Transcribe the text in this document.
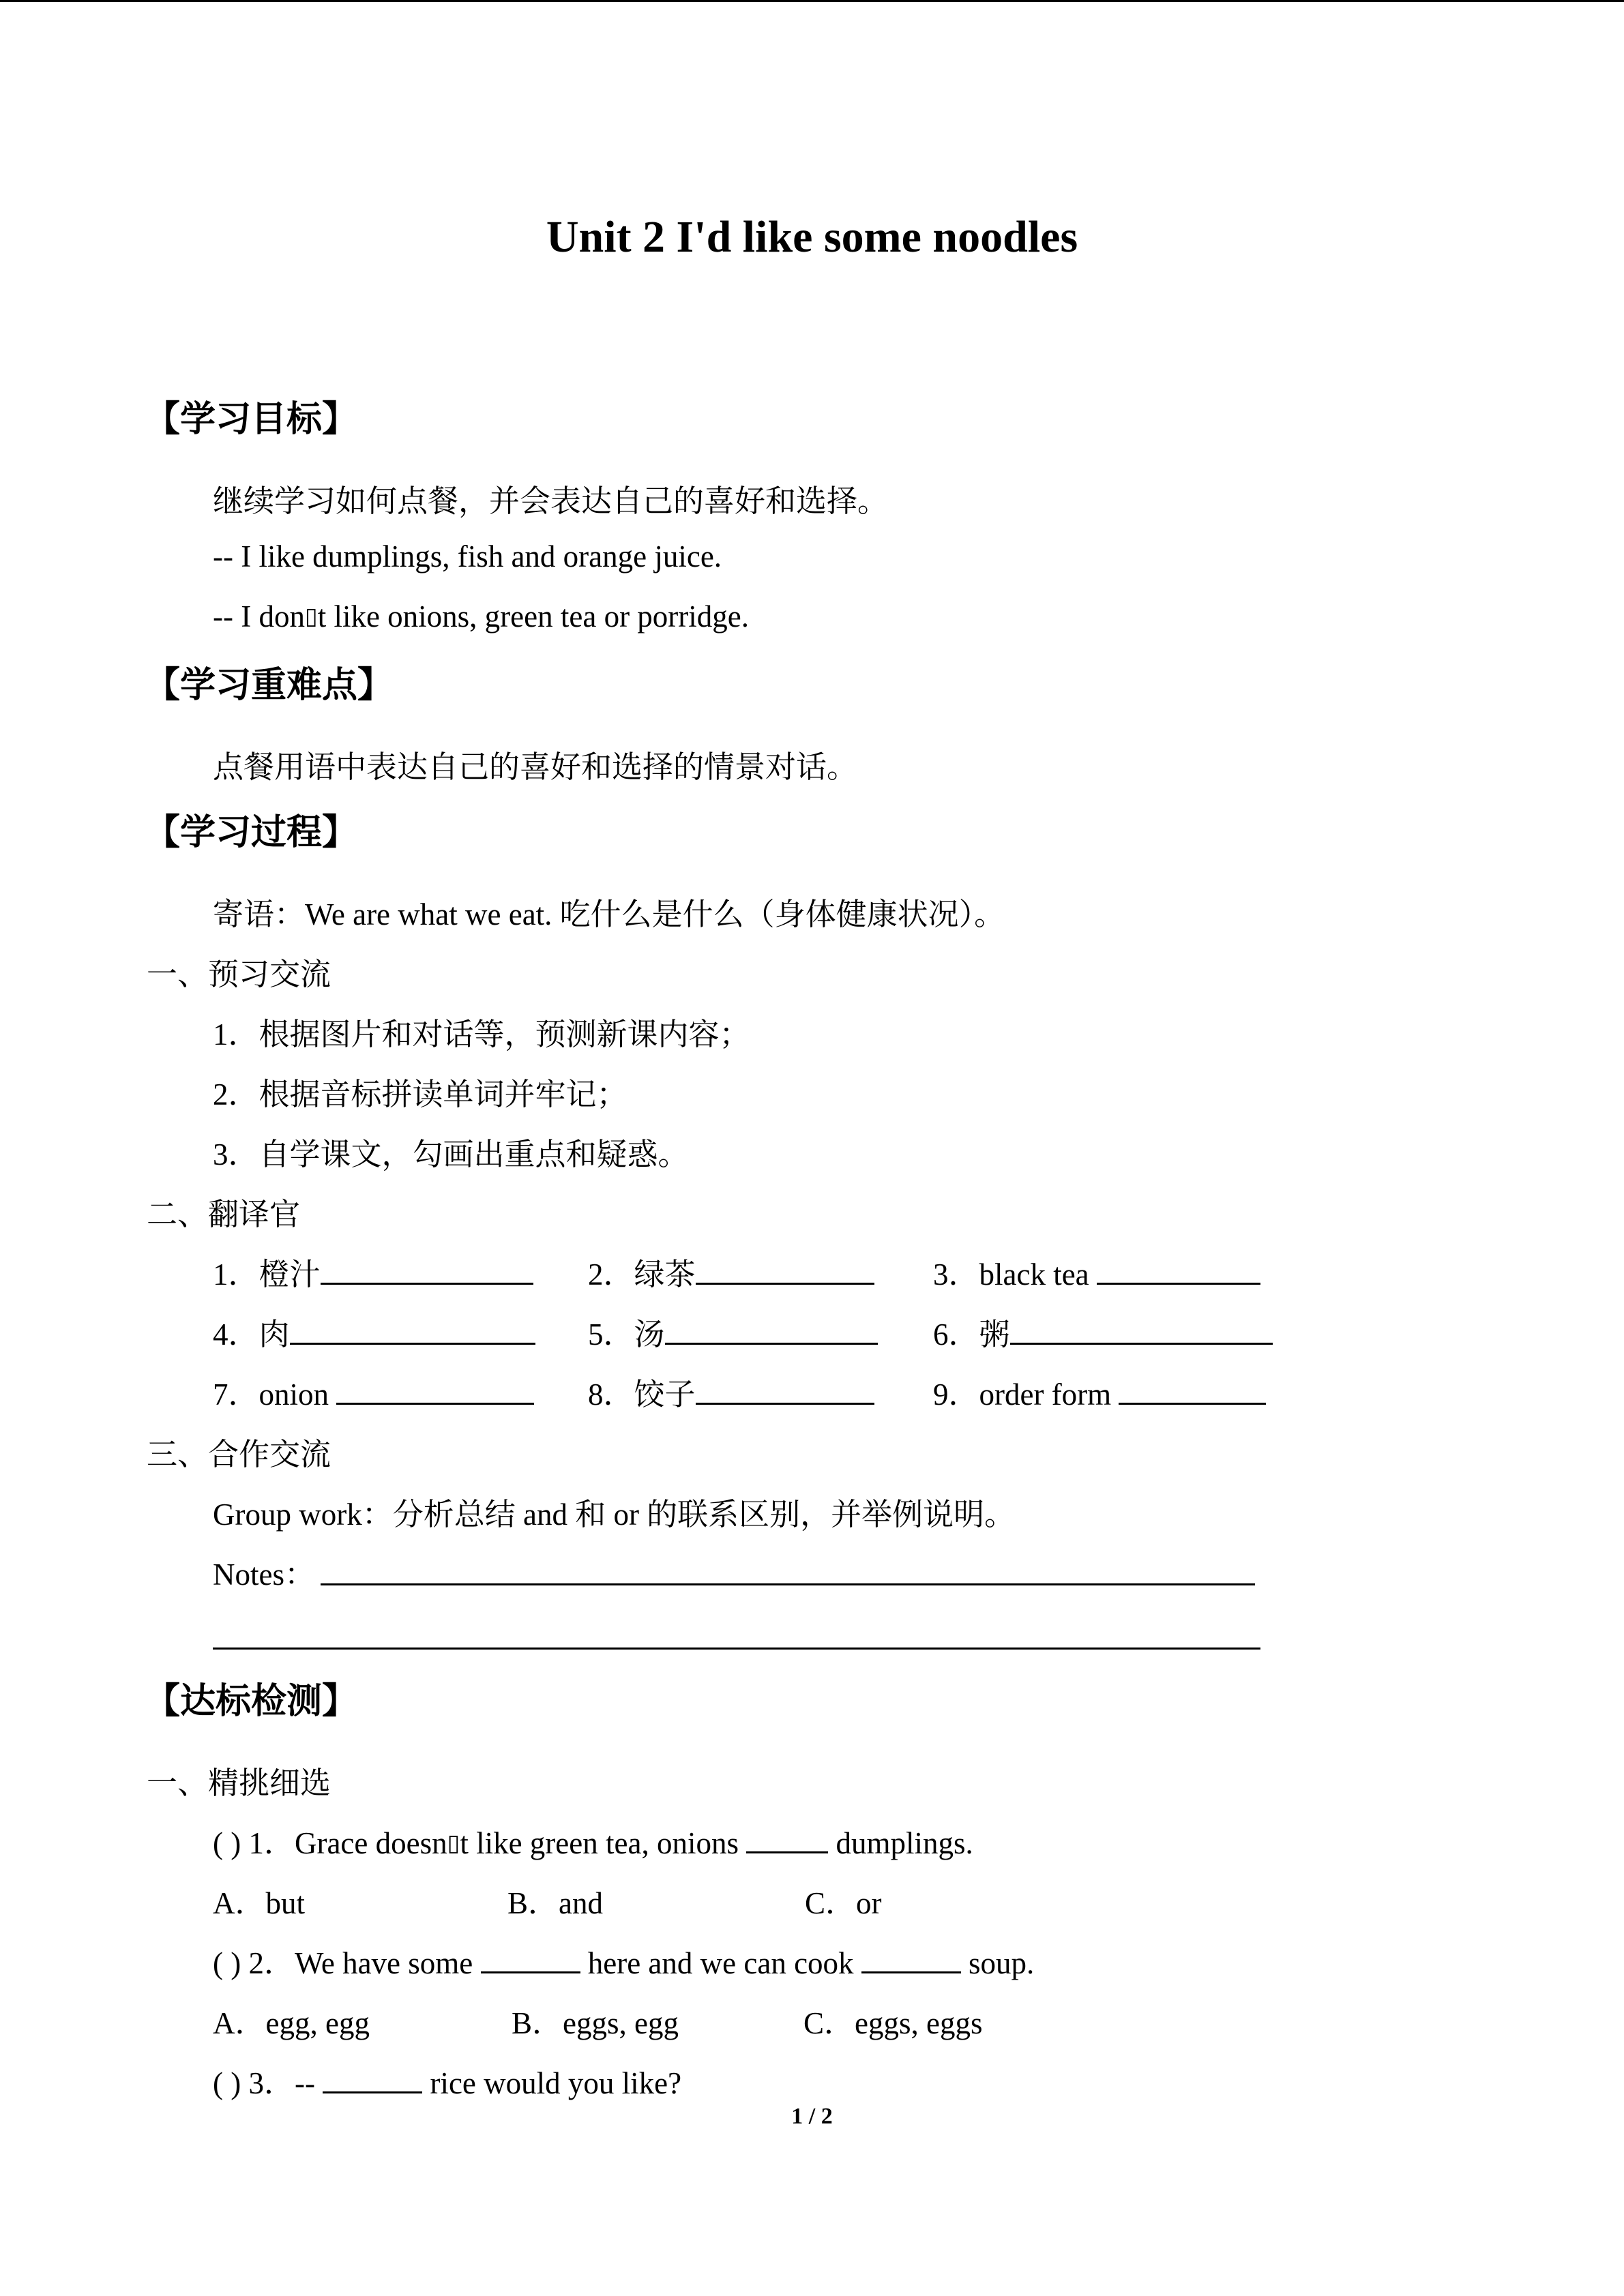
Unit 2 I'd like some noodles
【学习目标】
继续学习如何点餐，并会表达自己的喜好和选择。
-- I like dumplings, fish and orange juice.
-- I don▯t like onions, green tea or porridge.
【学习重难点】
点餐用语中表达自己的喜好和选择的情景对话。
【学习过程】
寄语：We are what we eat. 吃什么是什么（身体健康状况）。
一、预习交流
1．根据图片和对话等，预测新课内容；
2．根据音标拼读单词并牢记；
3．自学课文，勾画出重点和疑惑。
二、翻译官
1．橙汁	2．绿茶	3．black tea
4．肉	5．汤	6．粥
7．onion	8．饺子	9．order form
三、合作交流
Group work：分析总结 and 和 or 的联系区别，并举例说明。
Notes：
【达标检测】
一、精挑细选
( ) 1．Grace doesn▯t like green tea, onions	dumplings.
A．but	B．and	C．or
( ) 2．We have some	here and we can cook	soup.
A．egg, egg	B．eggs, egg	C．eggs, eggs
( ) 3．--	rice would you like?
1 / 2
